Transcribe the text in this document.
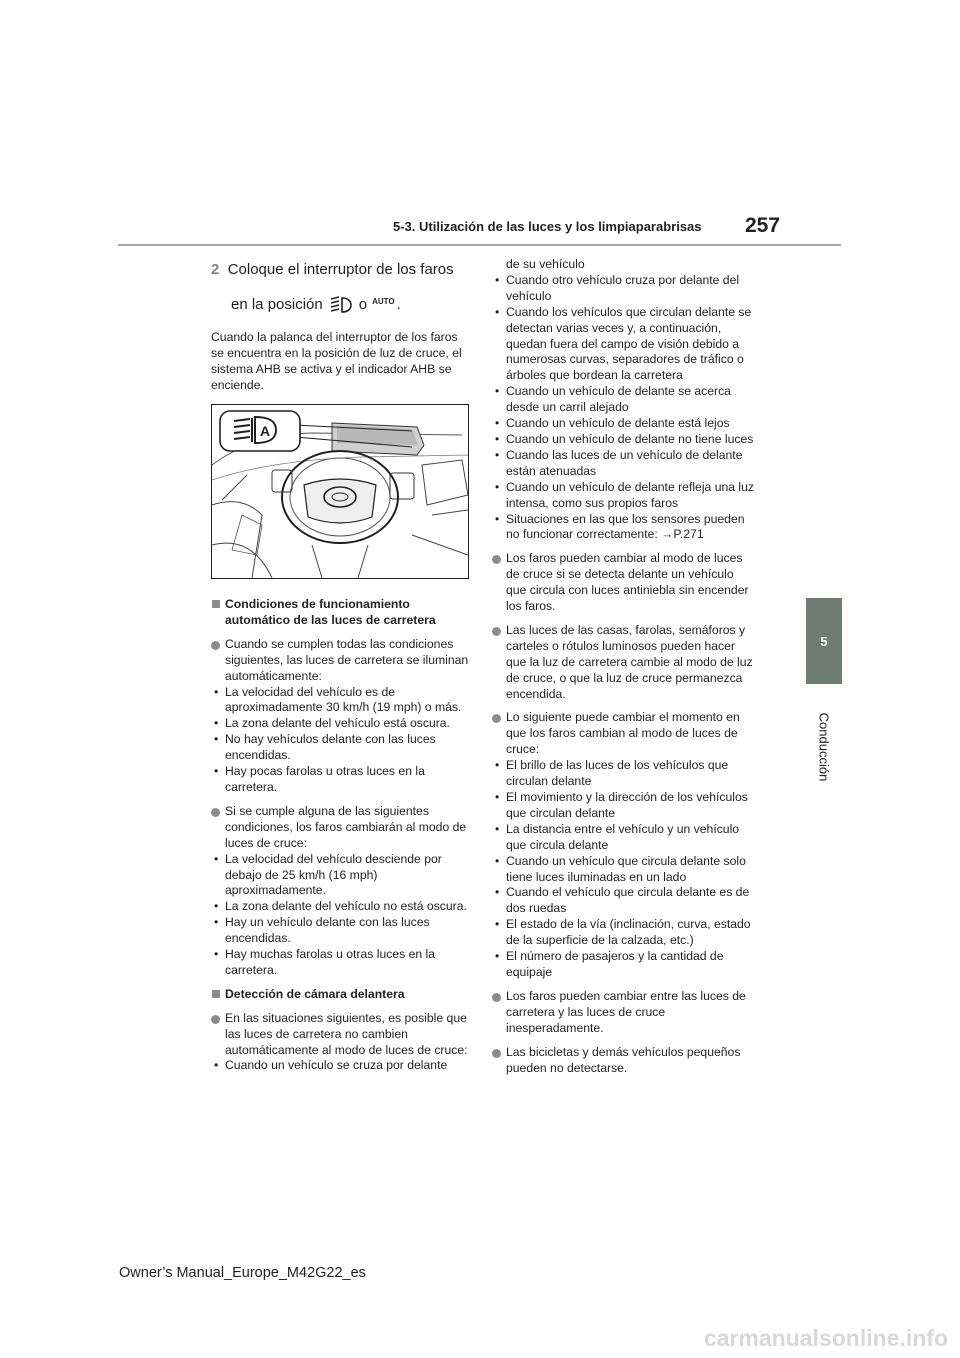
5-3. Utilización de las luces y los limpiaparabrisas	257
5
Conducción
2 Coloque el interruptor de los faros
en la posición o AUTO .

Cuando la palanca del interruptor de los faros se encuentra en la posición de luz de cruce, el sistema AHB se activa y el indicador AHB se enciende.

A
Condiciones de funcionamiento automático de las luces de carretera
Cuando se cumplen todas las condiciones siguientes, las luces de carretera se iluminan automáticamente:
• La velocidad del vehículo es de aproximadamente 30 km/h (19 mph) o más.
• La zona delante del vehículo está oscura.
• No hay vehículos delante con las luces encendidas.
• Hay pocas farolas u otras luces en la carretera.
Si se cumple alguna de las siguientes condiciones, los faros cambiarán al modo de luces de cruce:
• La velocidad del vehículo desciende por debajo de 25 km/h (16 mph) aproximadamente.
• La zona delante del vehículo no está oscura.
• Hay un vehículo delante con las luces encendidas.
• Hay muchas farolas u otras luces en la carretera.
Detección de cámara delantera
En las situaciones siguientes, es posible que las luces de carretera no cambien automáticamente al modo de luces de cruce:
• Cuando un vehículo se cruza por delante
de su vehículo
• Cuando otro vehículo cruza por delante del vehículo
• Cuando los vehículos que circulan delante se detectan varias veces y, a continuación, quedan fuera del campo de visión debido a numerosas curvas, separadores de tráfico o árboles que bordean la carretera
• Cuando un vehículo de delante se acerca desde un carril alejado
• Cuando un vehículo de delante está lejos
• Cuando un vehículo de delante no tiene luces
• Cuando las luces de un vehículo de delante están atenuadas
• Cuando un vehículo de delante refleja una luz intensa, como sus propios faros
• Situaciones en las que los sensores pueden no funcionar correctamente: →P.271
Los faros pueden cambiar al modo de luces de cruce si se detecta delante un vehículo que circula con luces antiniebla sin encender los faros.
Las luces de las casas, farolas, semáforos y carteles o rótulos luminosos pueden hacer que la luz de carretera cambie al modo de luz de cruce, o que la luz de cruce permanezca encendida.
Lo siguiente puede cambiar el momento en que los faros cambian al modo de luces de cruce:
• El brillo de las luces de los vehículos que circulan delante
• El movimiento y la dirección de los vehículos que circulan delante
• La distancia entre el vehículo y un vehículo que circula delante
• Cuando un vehículo que circula delante solo tiene luces iluminadas en un lado
• Cuando el vehículo que circula delante es de dos ruedas
• El estado de la vía (inclinación, curva, estado de la superficie de la calzada, etc.)
• El número de pasajeros y la cantidad de equipaje
Los faros pueden cambiar entre las luces de carretera y las luces de cruce inesperadamente.
Las bicicletas y demás vehículos pequeños pueden no detectarse.
Owner’s Manual_Europe_M42G22_es
carmanualsonline.info
